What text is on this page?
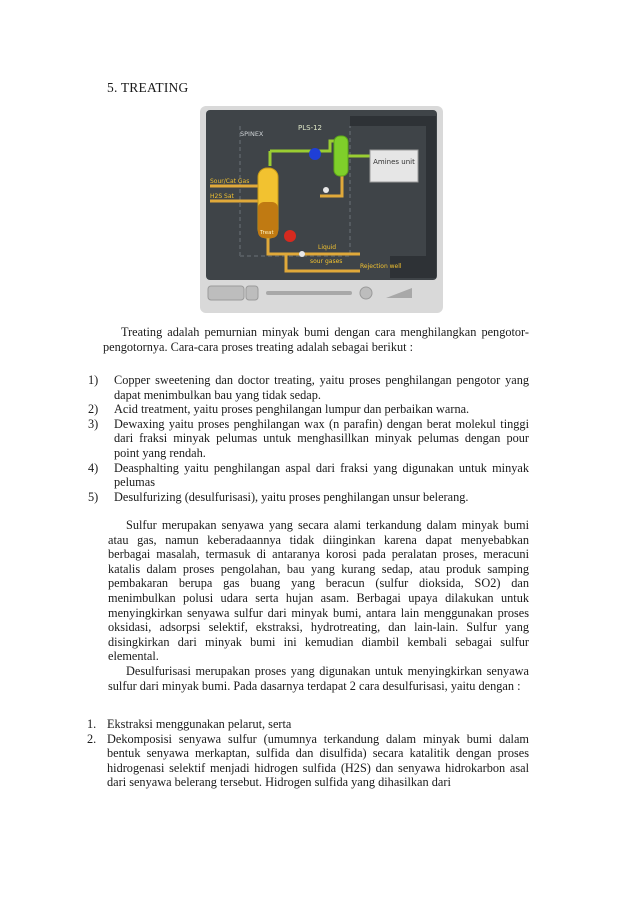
5. TREATING
Amines unit
PLS-12
SPINEX
Sour/Cat Gas
H2S Sat
Treat
Liquid
sour gases
Rejection well

Treating adalah pemurnian minyak bumi dengan cara menghilangkan pengotor-pengotornya. Cara-cara proses treating adalah sebagai berikut :

1)	Copper sweetening dan doctor treating, yaitu proses penghilangan pengotor yang dapat menimbulkan bau yang tidak sedap.
2)	Acid treatment, yaitu proses penghilangan lumpur dan perbaikan warna.
3)	Dewaxing yaitu proses penghilangan wax (n parafin) dengan berat molekul tinggi dari fraksi minyak pelumas untuk menghasillkan minyak pelumas dengan pour point yang rendah.
4)	Deasphalting yaitu penghilangan aspal dari fraksi yang digunakan untuk minyak pelumas
5)	Desulfurizing (desulfurisasi), yaitu proses penghilangan unsur belerang.

Sulfur merupakan senyawa yang secara alami terkandung dalam minyak bumi atau gas, namun keberadaannya tidak diinginkan karena dapat menyebabkan berbagai masalah, termasuk di antaranya korosi pada peralatan proses, meracuni katalis dalam proses pengolahan, bau yang kurang sedap, atau produk samping pembakaran berupa gas buang yang beracun (sulfur dioksida, SO2) dan menimbulkan polusi udara serta hujan asam. Berbagai upaya dilakukan untuk menyingkirkan senyawa sulfur dari minyak bumi, antara lain menggunakan proses oksidasi, adsorpsi selektif, ekstraksi, hydrotreating, dan lain-lain. Sulfur yang disingkirkan dari minyak bumi ini kemudian diambil kembali sebagai sulfur elemental.

Desulfurisasi merupakan proses yang digunakan untuk menyingkirkan senyawa sulfur dari minyak bumi. Pada dasarnya terdapat 2 cara desulfurisasi, yaitu dengan :

1. Ekstraksi menggunakan pelarut, serta
2. Dekomposisi senyawa sulfur (umumnya terkandung dalam minyak bumi dalam bentuk senyawa merkaptan, sulfida dan disulfida) secara katalitik dengan proses hidrogenasi selektif menjadi hidrogen sulfida (H2S) dan senyawa hidrokarbon asal dari senyawa belerang tersebut. Hidrogen sulfida yang dihasilkan dari
